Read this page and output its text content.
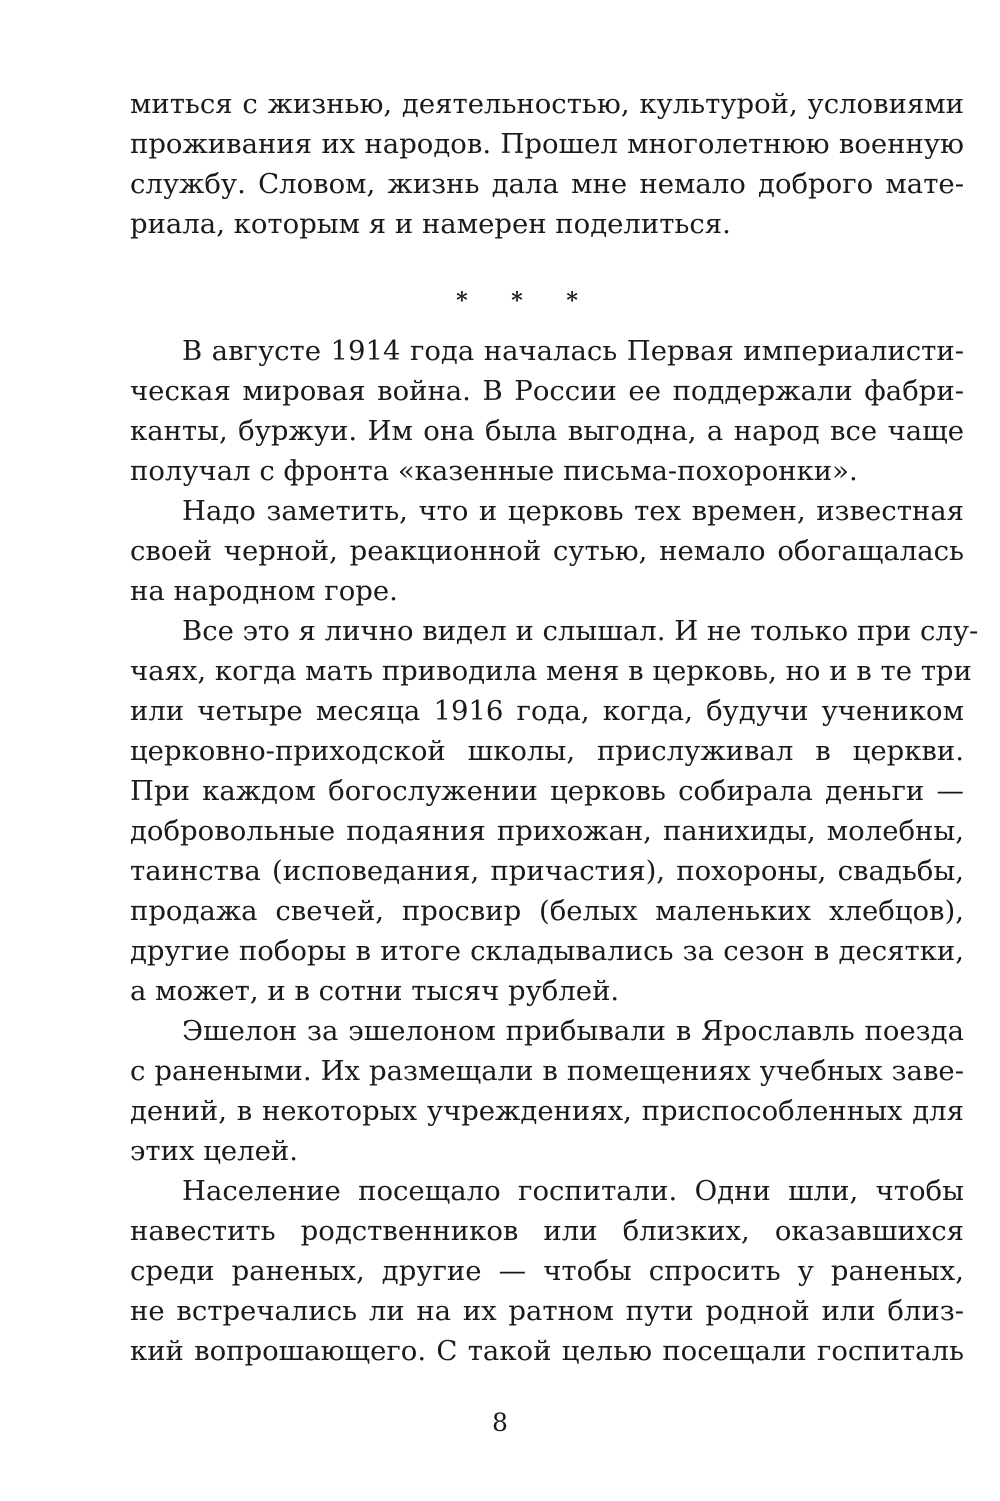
миться с жизнью, деятельностью, культурой, условиями
проживания их народов. Прошел многолетнюю военную
службу. Словом, жизнь дала мне немало доброго мате-
риала, которым я и намерен поделиться.
* * *
В августе 1914 года началась Первая империалисти-
ческая мировая война. В России ее поддержали фабри-
канты, буржуи. Им она была выгодна, а народ все чаще
получал с фронта «казенные письма-похоронки».
Надо заметить, что и церковь тех времен, известная
своей черной, реакционной сутью, немало обогащалась
на народном горе.
Все это я лично видел и слышал. И не только при слу-
чаях, когда мать приводила меня в церковь, но и в те три
или четыре месяца 1916 года, когда, будучи учеником
церковно-приходской школы, прислуживал в церкви.
При каждом богослужении церковь собирала деньги —
добровольные подаяния прихожан, панихиды, молебны,
таинства (исповедания, причастия), похороны, свадьбы,
продажа свечей, просвир (белых маленьких хлебцов),
другие поборы в итоге складывались за сезон в десятки,
а может, и в сотни тысяч рублей.
Эшелон за эшелоном прибывали в Ярославль поезда
с ранеными. Их размещали в помещениях учебных заве-
дений, в некоторых учреждениях, приспособленных для
этих целей.
Население посещало госпитали. Одни шли, чтобы
навестить родственников или близких, оказавшихся
среди раненых, другие — чтобы спросить у раненых,
не встречались ли на их ратном пути родной или близ-
кий вопрошающего. С такой целью посещали госпиталь
8
